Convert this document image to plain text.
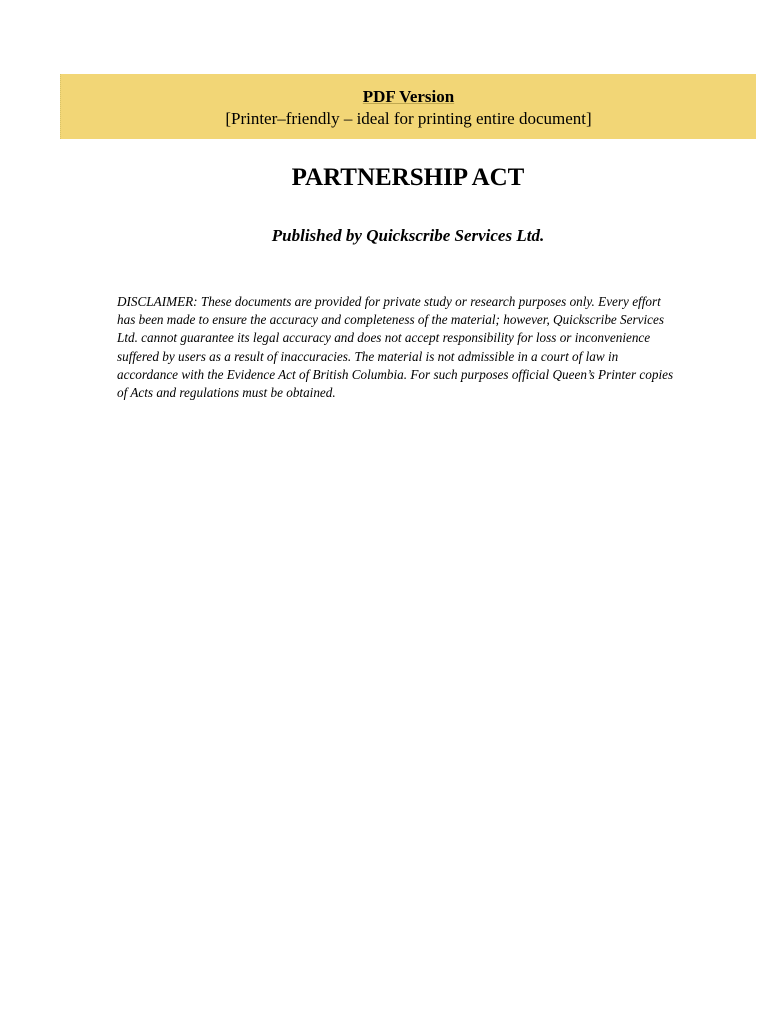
PDF Version
[Printer–friendly – ideal for printing entire document]
PARTNERSHIP ACT
Published by Quickscribe Services Ltd.

DISCLAIMER: These documents are provided for private study or research purposes only. Every effort has been made to ensure the accuracy and completeness of the material; however, Quickscribe Services Ltd. cannot guarantee its legal accuracy and does not accept responsibility for loss or inconvenience suffered by users as a result of inaccuracies. The material is not admissible in a court of law in accordance with the Evidence Act of British Columbia. For such purposes official Queen’s Printer copies of Acts and regulations must be obtained.
